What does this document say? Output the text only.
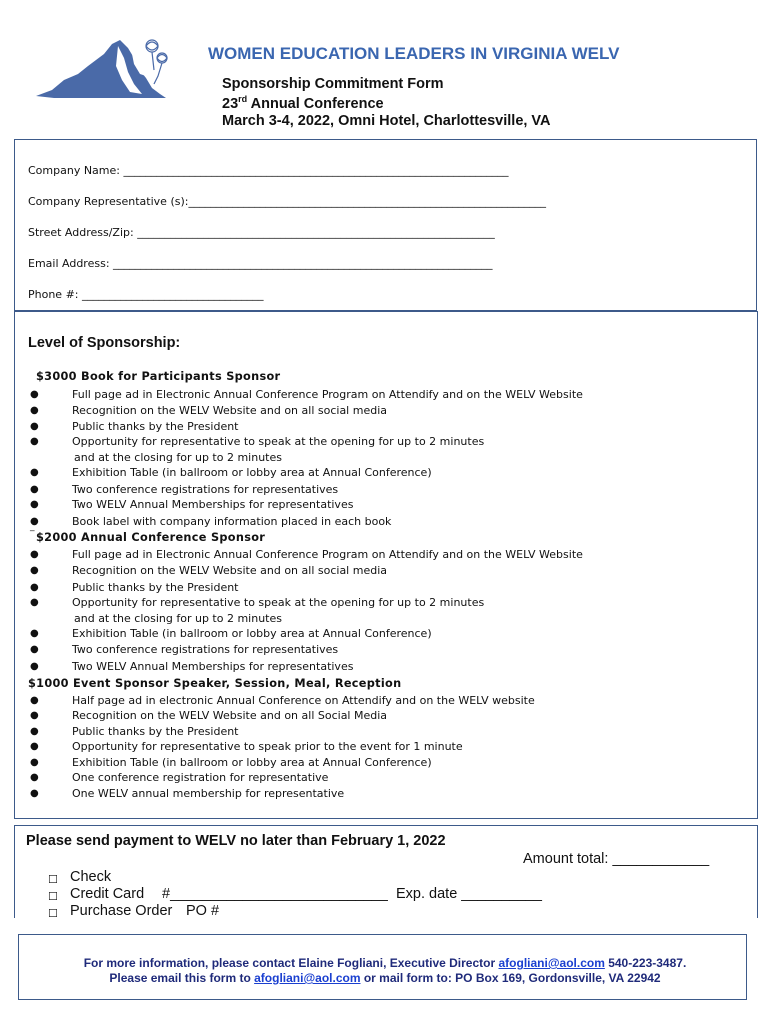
WOMEN EDUCATION LEADERS IN VIRGINIA WELV
Sponsorship Commitment Form
23rd Annual Conference
March 3-4, 2022, Omni Hotel, Charlottesville, VA
Company Name: ______________________________________________________________________
Company Representative (s):_________________________________________________________________
Street Address/Zip: _________________________________________________________________
Email Address: _____________________________________________________________________
Phone #: _________________________________
Level of Sponsorship:
$3000 Book for Participants Sponsor
●	Full page ad in Electronic Annual Conference Program on Attendify and on the WELV Website
●	Recognition on the WELV Website and on all social media
●	Public thanks by the President
●	Opportunity for representative to speak at the opening for up to 2 minutes
and at the closing for up to 2 minutes
●	Exhibition Table (in ballroom or lobby area at Annual Conference)
●	Two conference registrations for representatives
●	Two WELV Annual Memberships for representatives
●	Book label with company information placed in each book
‾ $2000 Annual Conference Sponsor
●	Full page ad in Electronic Annual Conference Program on Attendify and on the WELV Website
●	Recognition on the WELV Website and on all social media
●	Public thanks by the President
●	Opportunity for representative to speak at the opening for up to 2 minutes
and at the closing for up to 2 minutes
●	Exhibition Table (in ballroom or lobby area at Annual Conference)
●	Two conference registrations for representatives
●	Two WELV Annual Memberships for representatives
$1000 Event Sponsor Speaker, Session, Meal, Reception
●	Half page ad in electronic Annual Conference on Attendify and on the WELV website
●	Recognition on the WELV Website and on all Social Media
●	Public thanks by the President
●	Opportunity for representative to speak prior to the event for 1 minute
●	Exhibition Table (in ballroom or lobby area at Annual Conference)
●	One conference registration for representative
●	One WELV annual membership for representative
Please send payment to WELV no later than February 1, 2022
Amount total: ____________
☐ Check
☐ Credit Card #___________________________ Exp. date __________
☐ Purchase Order PO #
For more information, please contact Elaine Fogliani, Executive Director afogliani@aol.com 540-223-3487.
Please email this form to afogliani@aol.com or mail form to: PO Box 169, Gordonsville, VA 22942
